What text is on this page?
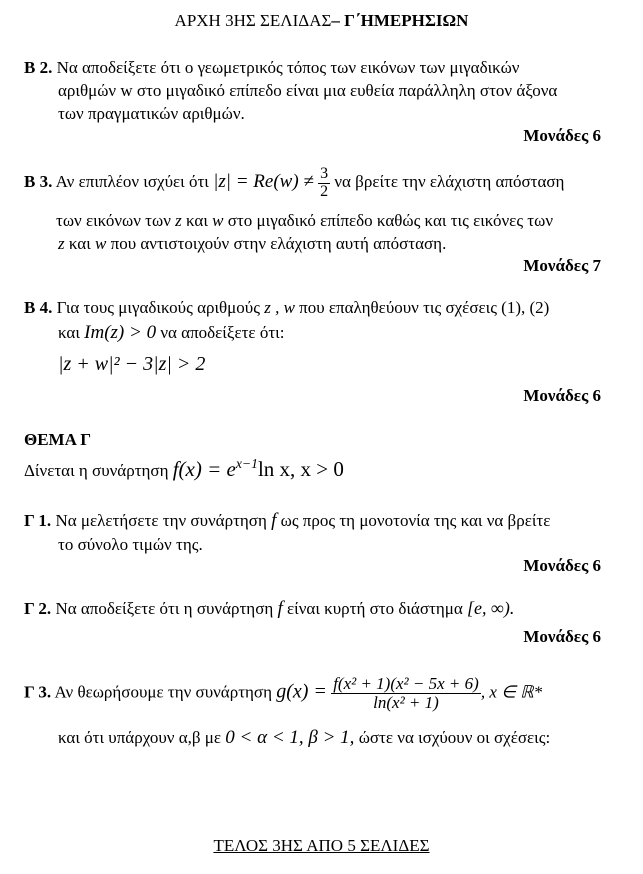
ΑΡΧΗ 3ΗΣ ΣΕΛΙΔΑΣ– Γ΄ΗΜΕΡΗΣΙΩΝ
Β 2. Να αποδείξετε ότι ο γεωμετρικός τόπος των εικόνων των μιγαδικών
αριθμών w στο μιγαδικό επίπεδο είναι μια ευθεία παράλληλη στον άξονα
των πραγματικών αριθμών.
Μονάδες 6
Β 3. Αν επιπλέον ισχύει ότι $|z| = Re(w) \ne \frac{3}{2}$ να βρείτε την ελάχιστη απόσταση
των εικόνων των z και w στο μιγαδικό επίπεδο καθώς και τις εικόνες των
z και w που αντιστοιχούν στην ελάχιστη αυτή απόσταση.
Μονάδες 7
Β 4. Για τους μιγαδικούς αριθμούς z , w που επαληθεύουν τις σχέσεις (1), (2)
και Im(z) > 0 να αποδείξετε ότι:
|z + w|² − 3|z| > 2
Μονάδες 6
ΘΕΜΑ Γ
Δίνεται η συνάρτηση $f(x) = e^{x-1}\ln$ x, x > 0
Γ 1. Να μελετήσετε την συνάρτηση f ως προς τη μονοτονία της και να βρείτε
το σύνολο τιμών της.
Μονάδες 6
Γ 2. Να αποδείξετε ότι η συνάρτηση f είναι κυρτή στο διάστημα [e, ∞).
Μονάδες 6
Γ 3. Αν θεωρήσουμε την συνάρτηση $g(x) = \frac{\text{f(x² + 1)(x² − 5x + 6)}}{\text{ln(x² + 1)}}$ , x ∈ ℝ*
και ότι υπάρχουν α,β με 0 < α < 1, β > 1, ώστε να ισχύουν οι σχέσεις:
ΤΕΛΟΣ 3ΗΣ ΑΠΟ 5 ΣΕΛΙΔΕΣ
